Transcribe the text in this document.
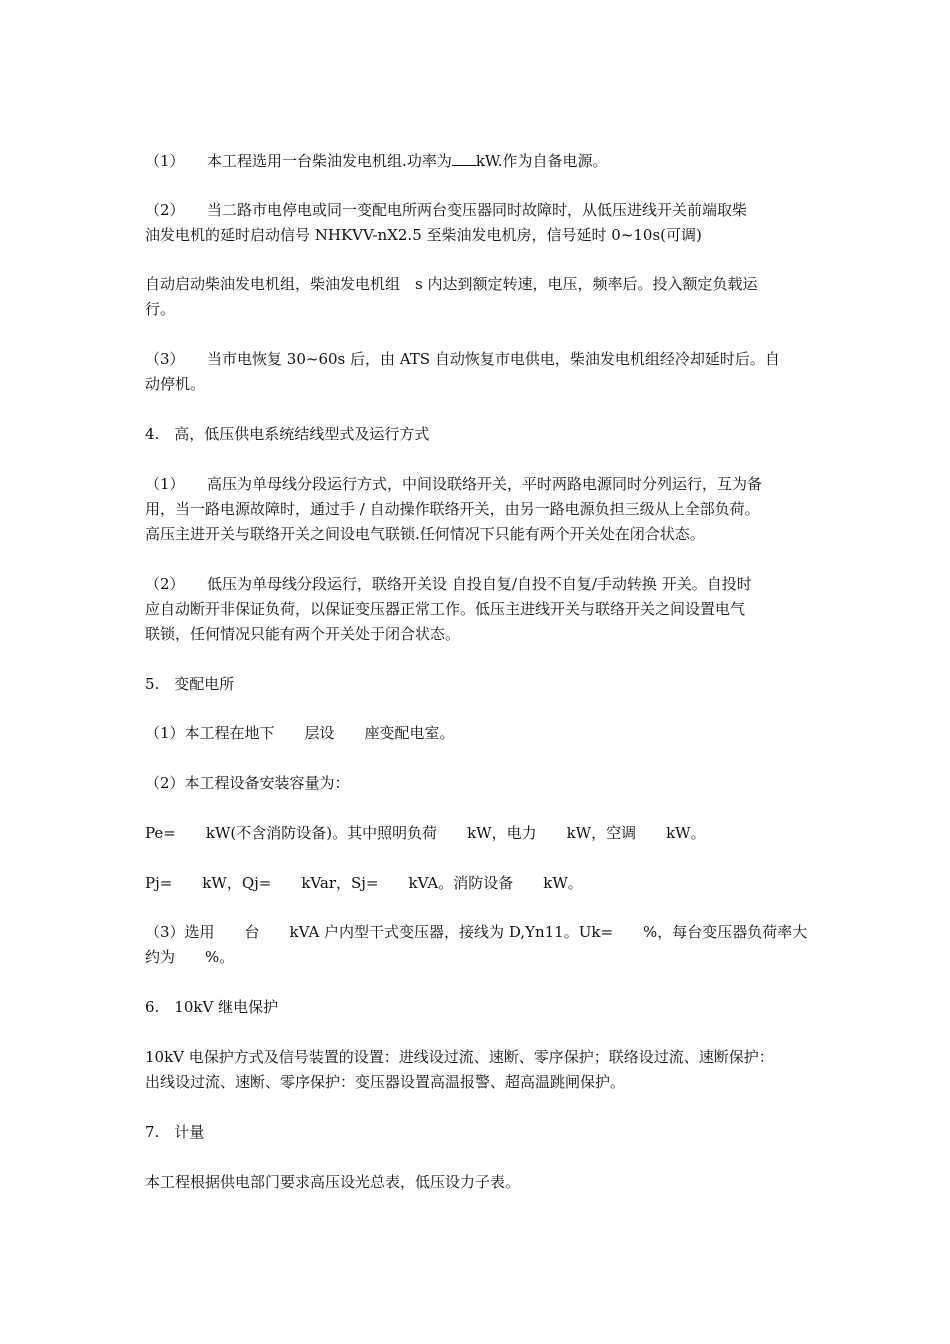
（1）　　本工程选用一台柴油发电机组.功率为 kW.作为自备电源。
（2）　　当二路市电停电或同一变配电所两台变压器同时故障时，从低压进线开关前端取柴
油发电机的延时启动信号 NHKVV-nX2.5 至柴油发电机房，信号延时 0~10s(可调)
自动启动柴油发电机组，柴油发电机组　s 内达到额定转速，电压，频率后。投入额定负载运
行。
（3）　　当市电恢复 30~60s 后，由 ATS 自动恢复市电供电，柴油发电机组经冷却延时后。自
动停机。
4.　高，低压供电系统结线型式及运行方式
（1）　　高压为单母线分段运行方式，中间设联络开关，平时两路电源同时分列运行，互为备
用，当一路电源故障时，通过手 / 自动操作联络开关，由另一路电源负担三级从上全部负荷。
高压主进开关与联络开关之间设电气联锁.任何情况下只能有两个开关处在闭合状态。
（2）　　低压为单母线分段运行，联络开关设 自投自复/自投不自复/手动转换 开关。自投时
应自动断开非保证负荷，以保证变压器正常工作。低压主进线开关与联络开关之间设置电气
联锁，任何情况只能有两个开关处于闭合状态。
5.　变配电所
（1）本工程在地下　　层设　　座变配电室。
（2）本工程设备安装容量为：
Pe=　　kW(不含消防设备)。其中照明负荷　　kW，电力　　kW，空调　　kW。
Pj=　　kW，Qj=　　kVar，Sj=　　kVA。消防设备　　kW。
（3）选用　　台　　kVA 户内型干式变压器，接线为 D,Yn11。Uk=　　%，每台变压器负荷率大
约为　　%。
6.　10kV 继电保护
10kV 电保护方式及信号装置的设置：进线设过流、速断、零序保护；联络设过流、速断保护：
出线设过流、速断、零序保护：变压器设置高温报警、超高温跳闸保护。
7.　计量
本工程根据供电部门要求高压设光总表，低压设力子表。
